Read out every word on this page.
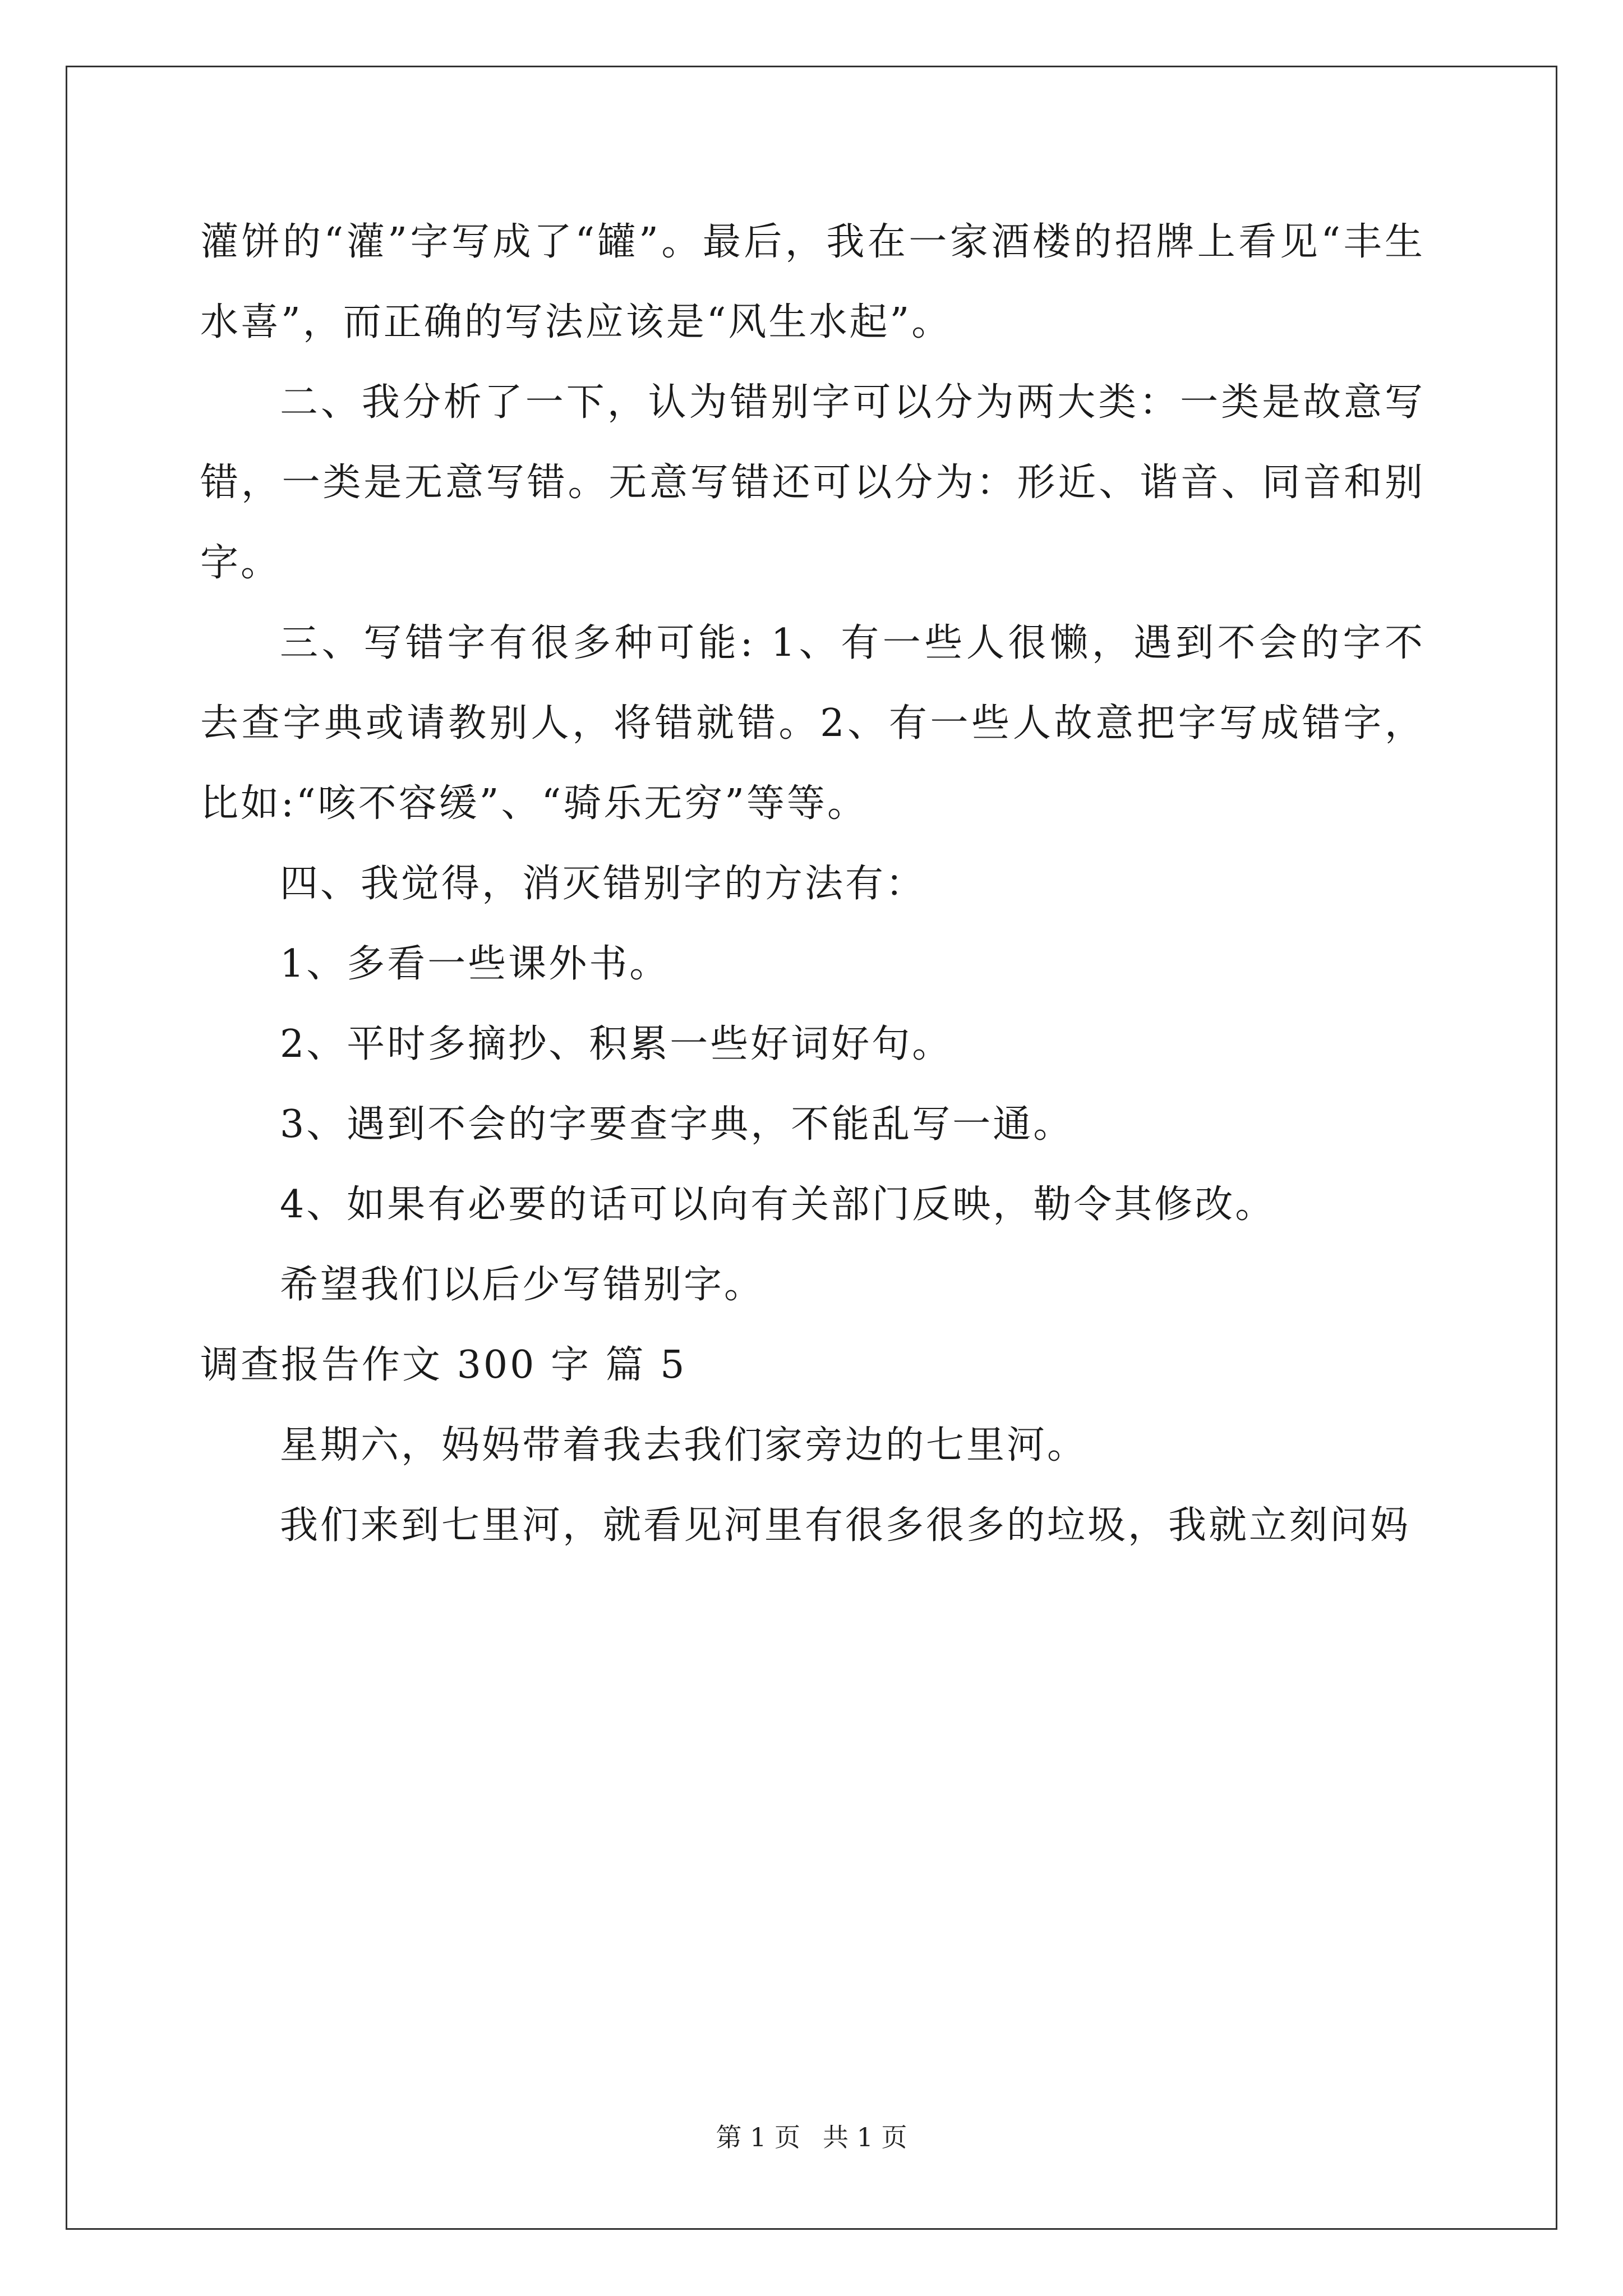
灌饼的“灌”字写成了“罐”。最后，我在一家酒楼的招牌上看见“丰生水喜”，而正确的写法应该是“风生水起”。

二、我分析了一下，认为错别字可以分为两大类：一类是故意写错，一类是无意写错。无意写错还可以分为：形近、谐音、同音和别字。

三、写错字有很多种可能: 1、有一些人很懒，遇到不会的字不去查字典或请教别人，将错就错。2、有一些人故意把字写成错字，比如:“咳不容缓”、“骑乐无穷”等等。

四、我觉得，消灭错别字的方法有：

1、多看一些课外书。

2、平时多摘抄、积累一些好词好句。

3、遇到不会的字要查字典，不能乱写一通。

4、如果有必要的话可以向有关部门反映，勒令其修改。

希望我们以后少写错别字。

调查报告作文 300 字 篇 5

星期六，妈妈带着我去我们家旁边的七里河。

我们来到七里河，就看见河里有很多很多的垃圾，我就立刻问妈

第 1 页 共 1 页
